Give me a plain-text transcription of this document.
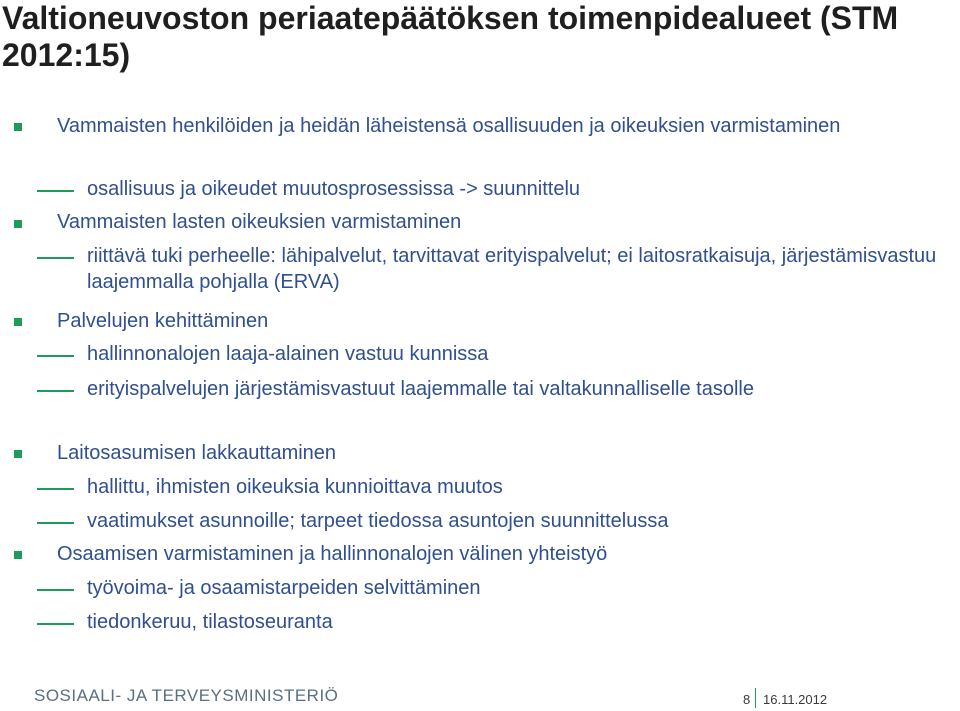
Valtioneuvoston periaatepäätöksen toimenpidealueet (STM 2012:15)
Vammaisten henkilöiden ja heidän läheistensä osallisuuden ja oikeuksien varmistaminen
osallisuus ja oikeudet muutosprosessissa -> suunnittelu
Vammaisten lasten oikeuksien varmistaminen
riittävä tuki perheelle: lähipalvelut, tarvittavat erityispalvelut; ei laitosratkaisuja, järjestämisvastuu laajemmalla pohjalla (ERVA)
Palvelujen kehittäminen
hallinnonalojen laaja-alainen vastuu kunnissa
erityispalvelujen järjestämisvastuut laajemmalle tai valtakunnalliselle tasolle
Laitosasumisen lakkauttaminen
hallittu, ihmisten oikeuksia kunnioittava muutos
vaatimukset asunnoille; tarpeet tiedossa asuntojen suunnittelussa
Osaamisen varmistaminen ja hallinnonalojen välinen yhteistyö
työvoima- ja osaamistarpeiden selvittäminen
tiedonkeruu, tilastoseuranta
SOSIAALI- JA TERVEYSMINISTERIÖ	8 16.11.2012
